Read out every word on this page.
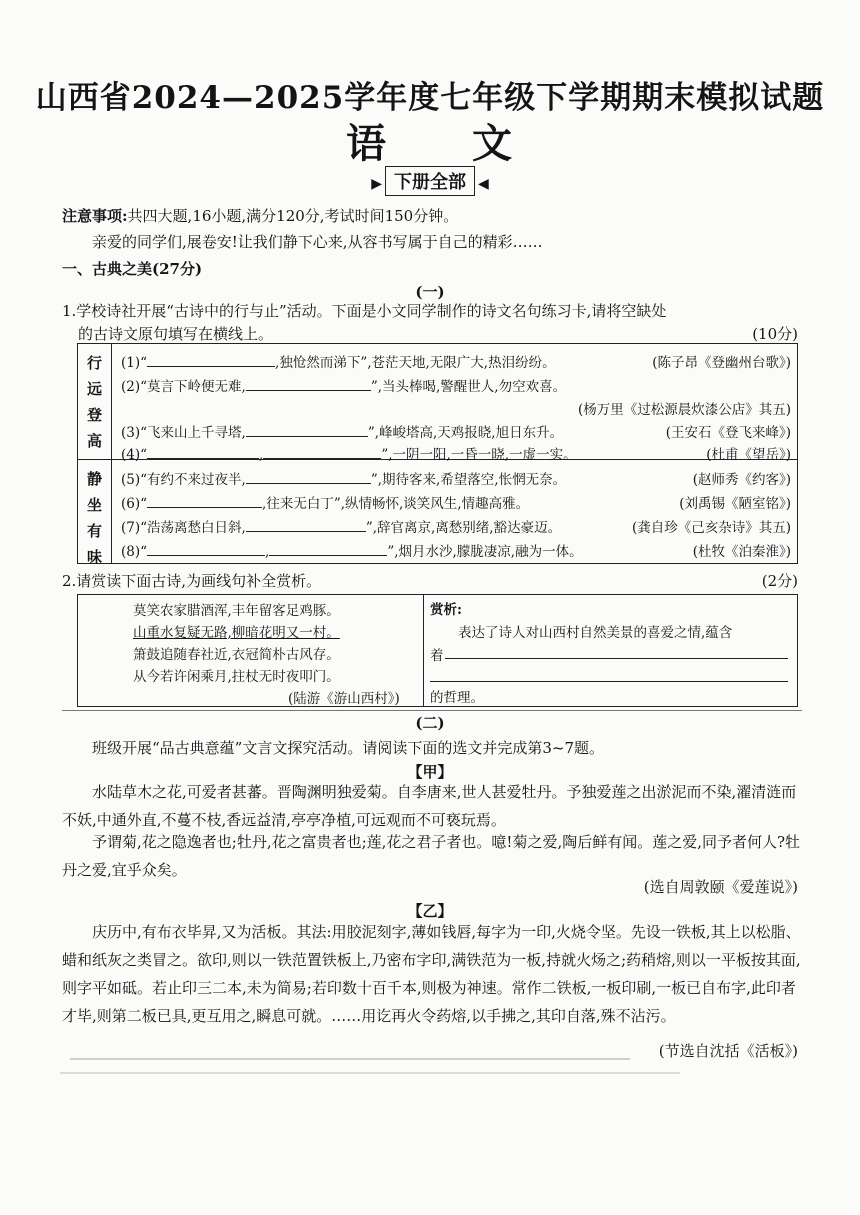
山西省2024—2025学年度七年级下学期期末模拟试题
语　　文
▶ 下册全部 ◀
注意事项:共四大题,16小题,满分120分,考试时间150分钟。
亲爱的同学们,展卷安!让我们静下心来,从容书写属于自己的精彩……
一、古典之美(27分)
(一)
1.学校诗社开展“古诗中的行与止”活动。下面是小文同学制作的诗文名句练习卡,请将空缺处
的古诗文原句填写在横线上。	(10分)
行
远
登
高
静
坐
有
味
(1)“	,独怆然而涕下”,苍茫天地,无限广大,热泪纷纷。	(陈子昂《登幽州台歌》)
(2)“莫言下岭便无难,	”,当头棒喝,警醒世人,勿空欢喜。
(杨万里《过松源晨炊漆公店》其五)
(3)“飞来山上千寻塔,	”,峰峻塔高,天鸡报晓,旭日东升。	(王安石《登飞来峰》)
(4)“	,	”,一阴一阳,一昏一晓,一虚一实。	(杜甫《望岳》)
(5)“有约不来过夜半,	”,期待客来,希望落空,怅惘无奈。	(赵师秀《约客》)
(6)“	,往来无白丁”,纵情畅怀,谈笑风生,情趣高雅。	(刘禹锡《陋室铭》)
(7)“浩荡离愁白日斜,	”,辞官离京,离愁别绪,豁达豪迈。	(龚自珍《己亥杂诗》其五)
(8)“	,	”,烟月水沙,朦胧凄凉,融为一体。	(杜牧《泊秦淮》)
2.请赏读下面古诗,为画线句补全赏析。	(2分)
莫笑农家腊酒浑,丰年留客足鸡豚。
山重水复疑无路,柳暗花明又一村。
箫鼓追随春社近,衣冠简朴古风存。
从今若许闲乘月,拄杖无时夜叩门。
(陆游《游山西村》)
赏析:
表达了诗人对山西村自然美景的喜爱之情,蕴含
着
的哲理。
(二)
班级开展“品古典意蕴”文言文探究活动。请阅读下面的选文并完成第3~7题。
【甲】
水陆草木之花,可爱者甚蕃。晋陶渊明独爱菊。自李唐来,世人甚爱牡丹。予独爱莲之出淤泥而不染,濯清涟而不妖,中通外直,不蔓不枝,香远益清,亭亭净植,可远观而不可亵玩焉。
予谓菊,花之隐逸者也;牡丹,花之富贵者也;莲,花之君子者也。噫!菊之爱,陶后鲜有闻。莲之爱,同予者何人?牡丹之爱,宜乎众矣。
(选自周敦颐《爱莲说》)
【乙】
庆历中,有布衣毕昇,又为活板。其法:用胶泥刻字,薄如钱唇,每字为一印,火烧令坚。先设一铁板,其上以松脂、蜡和纸灰之类冒之。欲印,则以一铁范置铁板上,乃密布字印,满铁范为一板,持就火炀之;药稍熔,则以一平板按其面,则字平如砥。若止印三二本,未为简易;若印数十百千本,则极为神速。常作二铁板,一板印刷,一板已自布字,此印者才毕,则第二板已具,更互用之,瞬息可就。……用讫再火令药熔,以手拂之,其印自落,殊不沾污。
(节选自沈括《活板》)
